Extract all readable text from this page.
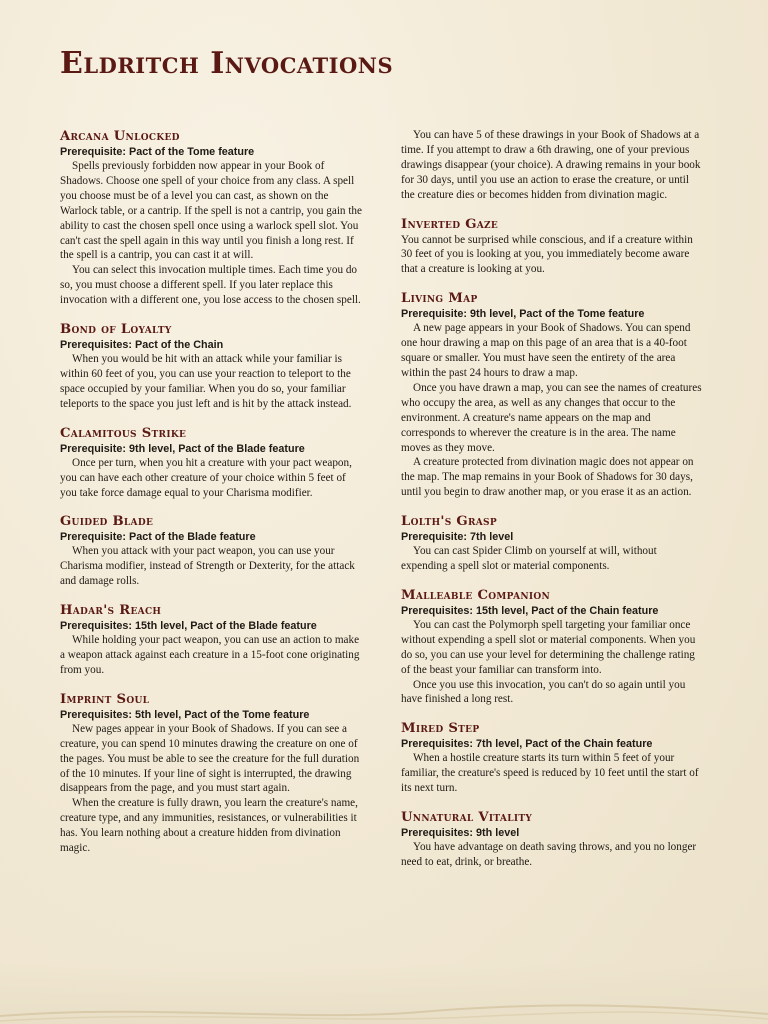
Eldritch Invocations
Arcana Unlocked
Prerequisite: Pact of the Tome feature

Spells previously forbidden now appear in your Book of Shadows. Choose one spell of your choice from any class. A spell you choose must be of a level you can cast, as shown on the Warlock table, or a cantrip. If the spell is not a cantrip, you gain the ability to cast the chosen spell once using a warlock spell slot. You can't cast the spell again in this way until you finish a long rest. If the spell is a cantrip, you can cast it at will.

You can select this invocation multiple times. Each time you do so, you must choose a different spell. If you later replace this invocation with a different one, you lose access to the chosen spell.

Bond of Loyalty
Prerequisites: Pact of the Chain

When you would be hit with an attack while your familiar is within 60 feet of you, you can use your reaction to teleport to the space occupied by your familiar. When you do so, your familiar teleports to the space you just left and is hit by the attack instead.

Calamitous Strike
Prerequisite: 9th level, Pact of the Blade feature

Once per turn, when you hit a creature with your pact weapon, you can have each other creature of your choice within 5 feet of you take force damage equal to your Charisma modifier.

Guided Blade
Prerequisite: Pact of the Blade feature

When you attack with your pact weapon, you can use your Charisma modifier, instead of Strength or Dexterity, for the attack and damage rolls.

Hadar's Reach
Prerequisites: 15th level, Pact of the Blade feature

While holding your pact weapon, you can use an action to make a weapon attack against each creature in a 15-foot cone originating from you.

Imprint Soul
Prerequisites: 5th level, Pact of the Tome feature

New pages appear in your Book of Shadows. If you can see a creature, you can spend 10 minutes drawing the creature on one of the pages. You must be able to see the creature for the full duration of the 10 minutes. If your line of sight is interrupted, the drawing disappears from the page, and you must start again.

When the creature is fully drawn, you learn the creature's name, creature type, and any immunities, resistances, or vulnerabilities it has. You learn nothing about a creature hidden from divination magic.

You can have 5 of these drawings in your Book of Shadows at a time. If you attempt to draw a 6th drawing, one of your previous drawings disappear (your choice). A drawing remains in your book for 30 days, until you use an action to erase the creature, or until the creature dies or becomes hidden from divination magic.

Inverted Gaze

You cannot be surprised while conscious, and if a creature within 30 feet of you is looking at you, you immediately become aware that a creature is looking at you.

Living Map
Prerequisite: 9th level, Pact of the Tome feature

A new page appears in your Book of Shadows. You can spend one hour drawing a map on this page of an area that is a 40-foot square or smaller. You must have seen the entirety of the area within the past 24 hours to draw a map.

Once you have drawn a map, you can see the names of creatures who occupy the area, as well as any changes that occur to the environment. A creature's name appears on the map and corresponds to wherever the creature is in the area. The name moves as they move.

A creature protected from divination magic does not appear on the map. The map remains in your Book of Shadows for 30 days, until you begin to draw another map, or you erase it as an action.

Lolth's Grasp
Prerequisite: 7th level

You can cast Spider Climb on yourself at will, without expending a spell slot or material components.

Malleable Companion
Prerequisites: 15th level, Pact of the Chain feature

You can cast the Polymorph spell targeting your familiar once without expending a spell slot or material components. When you do so, you can use your level for determining the challenge rating of the beast your familiar can transform into.

Once you use this invocation, you can't do so again until you have finished a long rest.

Mired Step
Prerequisites: 7th level, Pact of the Chain feature

When a hostile creature starts its turn within 5 feet of your familiar, the creature's speed is reduced by 10 feet until the start of its next turn.

Unnatural Vitality
Prerequisites: 9th level

You have advantage on death saving throws, and you no longer need to eat, drink, or breathe.
